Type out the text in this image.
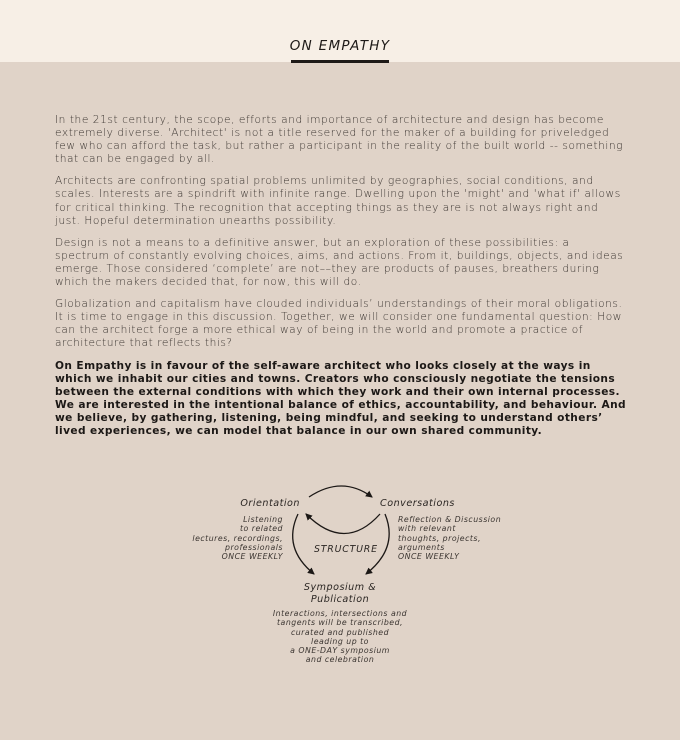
ON EMPATHY

In the 21st century, the scope, efforts and importance of architecture and design has become extremely diverse. 'Architect' is not a title reserved for the maker of a building for priveledged few who can afford the task, but rather a participant in the reality of the built world -- something that can be engaged by all.

Architects are confronting spatial problems unlimited by geographies, social conditions, and scales. Interests are a spindrift with infinite range. Dwelling upon the 'might' and 'what if' allows for critical thinking. The recognition that accepting things as they are is not always right and just. Hopeful determination unearths possibility.

Design is not a means to a definitive answer, but an exploration of these possibilities: a spectrum of constantly evolving choices, aims, and actions. From it, buildings, objects, and ideas emerge. Those considered ‘complete’ are not––they are products of pauses, breathers during which the makers decided that, for now, this will do.

Globalization and capitalism have clouded individuals’ understandings of their moral obligations. It is time to engage in this discussion. Together, we will consider one fundamental question: How can the architect forge a more ethical way of being in the world and promote a practice of architecture that reflects this?

On Empathy is in favour of the self-aware architect who looks closely at the ways in which we inhabit our cities and towns. Creators who consciously negotiate the tensions between the external conditions with which they work and their own internal processes. We are interested in the intentional balance of ethics, accountability, and behaviour. And we believe, by gathering, listening, being mindful, and seeking to understand others’ lived experiences, we can model that balance in our own shared community.

Orientation
Listening
to related
lectures, recordings,
professionals
ONCE WEEKLY
Conversations
Reflection & Discussion
with relevant
thoughts, projects,
arguments
ONCE WEEKLY
STRUCTURE
Symposium &
Publication
Interactions, intersections and
tangents will be transcribed,
curated and published
leading up to
a ONE-DAY symposium
and celebration
